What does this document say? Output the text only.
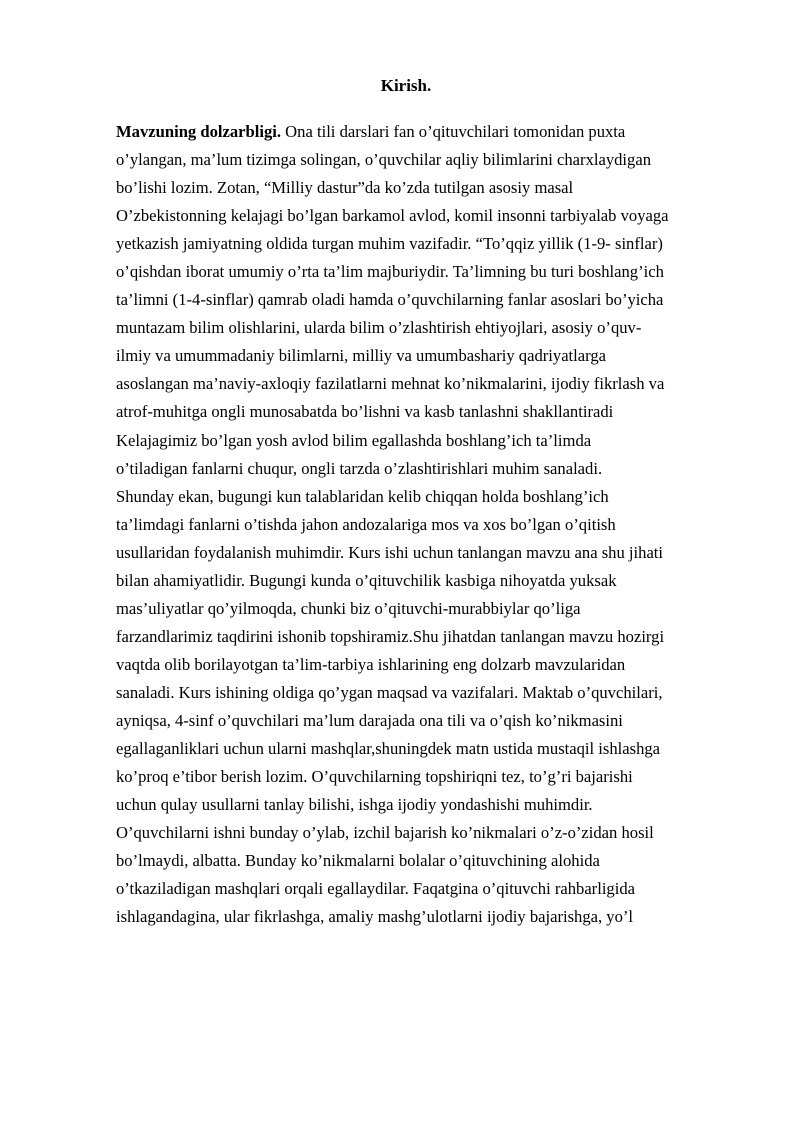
Kirish.
Mavzuning dolzarbligi. Ona tili darslari fan o’qituvchilari tomonidan puxta
o’ylangan, ma’lum tizimga solingan, o’quvchilar aqliy bilimlarini charxlaydigan
bo’lishi lozim. Zotan, “Milliy dastur”da ko’zda tutilgan asosiy masal
O’zbekistonning kelajagi bo’lgan barkamol avlod, komil insonni tarbiyalab voyaga
yetkazish jamiyatning oldida turgan muhim vazifadir. “To’qqiz yillik (1-9- sinflar)
o’qishdan iborat umumiy o’rta ta’lim majburiydir. Ta’limning bu turi boshlang’ich
ta’limni (1-4-sinflar) qamrab oladi hamda o’quvchilarning fanlar asoslari bo’yicha
muntazam bilim olishlarini, ularda bilim o’zlashtirish ehtiyojlari, asosiy o’quv-
ilmiy va umummadaniy bilimlarni, milliy va umumbashariy qadriyatlarga
asoslangan ma’naviy-axloqiy fazilatlarni mehnat ko’nikmalarini, ijodiy fikrlash va
atrof-muhitga ongli munosabatda bo’lishni va kasb tanlashni shakllantiradi
Kelajagimiz bo’lgan yosh avlod bilim egallashda boshlang’ich ta’limda
o’tiladigan fanlarni chuqur, ongli tarzda o’zlashtirishlari muhim sanaladi.
Shunday ekan, bugungi kun talablaridan kelib chiqqan holda boshlang’ich
ta’limdagi fanlarni o’tishda jahon andozalariga mos va xos bo’lgan o’qitish
usullaridan foydalanish muhimdir. Kurs ishi uchun tanlangan mavzu ana shu jihati
bilan ahamiyatlidir. Bugungi kunda o’qituvchilik kasbiga nihoyatda yuksak
mas’uliyatlar qo’yilmoqda, chunki biz o’qituvchi-murabbiylar qo’liga
farzandlarimiz taqdirini ishonib topshiramiz.Shu jihatdan tanlangan mavzu hozirgi
vaqtda olib borilayotgan ta’lim-tarbiya ishlarining eng dolzarb mavzularidan
sanaladi. Kurs ishining oldiga qo’ygan maqsad va vazifalari. Maktab o’quvchilari,
ayniqsa, 4-sinf o’quvchilari ma’lum darajada ona tili va o’qish ko’nikmasini
egallaganliklari uchun ularni mashqlar,shuningdek matn ustida mustaqil ishlashga
ko’proq e’tibor berish lozim. O’quvchilarning topshiriqni tez, to’g’ri bajarishi
uchun qulay usullarni tanlay bilishi, ishga ijodiy yondashishi muhimdir.
O’quvchilarni ishni bunday o’ylab, izchil bajarish ko’nikmalari o’z-o’zidan hosil
bo’lmaydi, albatta. Bunday ko’nikmalarni bolalar o’qituvchining alohida
o’tkaziladigan mashqlari orqali egallaydilar. Faqatgina o’qituvchi rahbarligida
ishlagandagina, ular fikrlashga, amaliy mashg’ulotlarni ijodiy bajarishga, yo’l
